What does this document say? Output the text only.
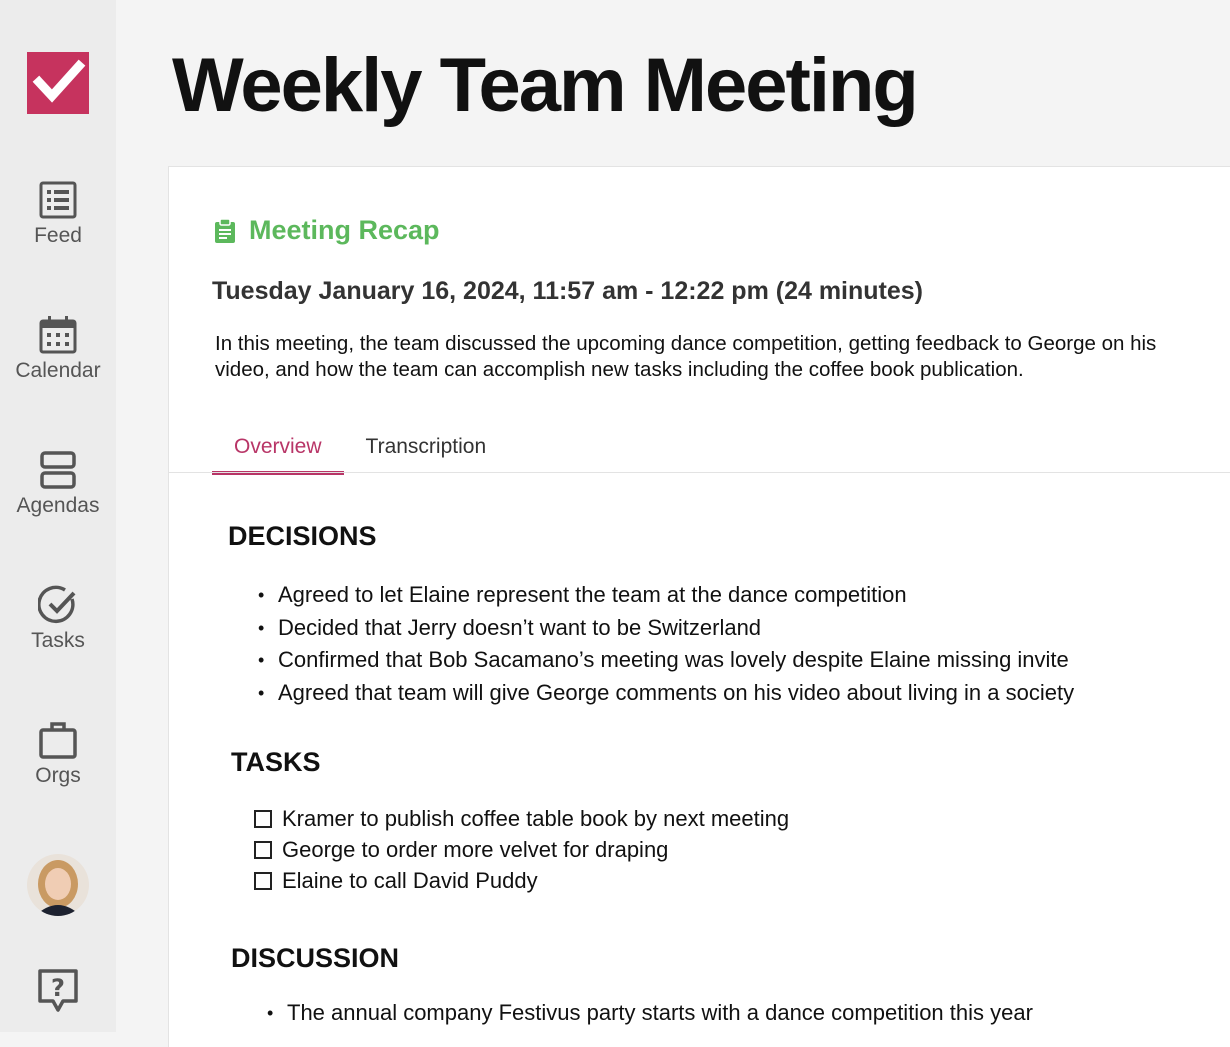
Feed
Calendar
Agendas
Tasks
Orgs
?
Weekly Team Meeting
Meeting Recap
Tuesday January 16, 2024, 11:57 am - 12:22 pm (24 minutes)
In this meeting, the team discussed the upcoming dance competition, getting feedback to George on his video, and how the team can accomplish new tasks including the coffee book publication.
Overview	Transcription
DECISIONS
• Agreed to let Elaine represent the team at the dance competition
• Decided that Jerry doesn’t want to be Switzerland
• Confirmed that Bob Sacamano’s meeting was lovely despite Elaine missing invite
• Agreed that team will give George comments on his video about living in a society
TASKS
Kramer to publish coffee table book by next meeting
George to order more velvet for draping
Elaine to call David Puddy
DISCUSSION
• The annual company Festivus party starts with a dance competition this year
